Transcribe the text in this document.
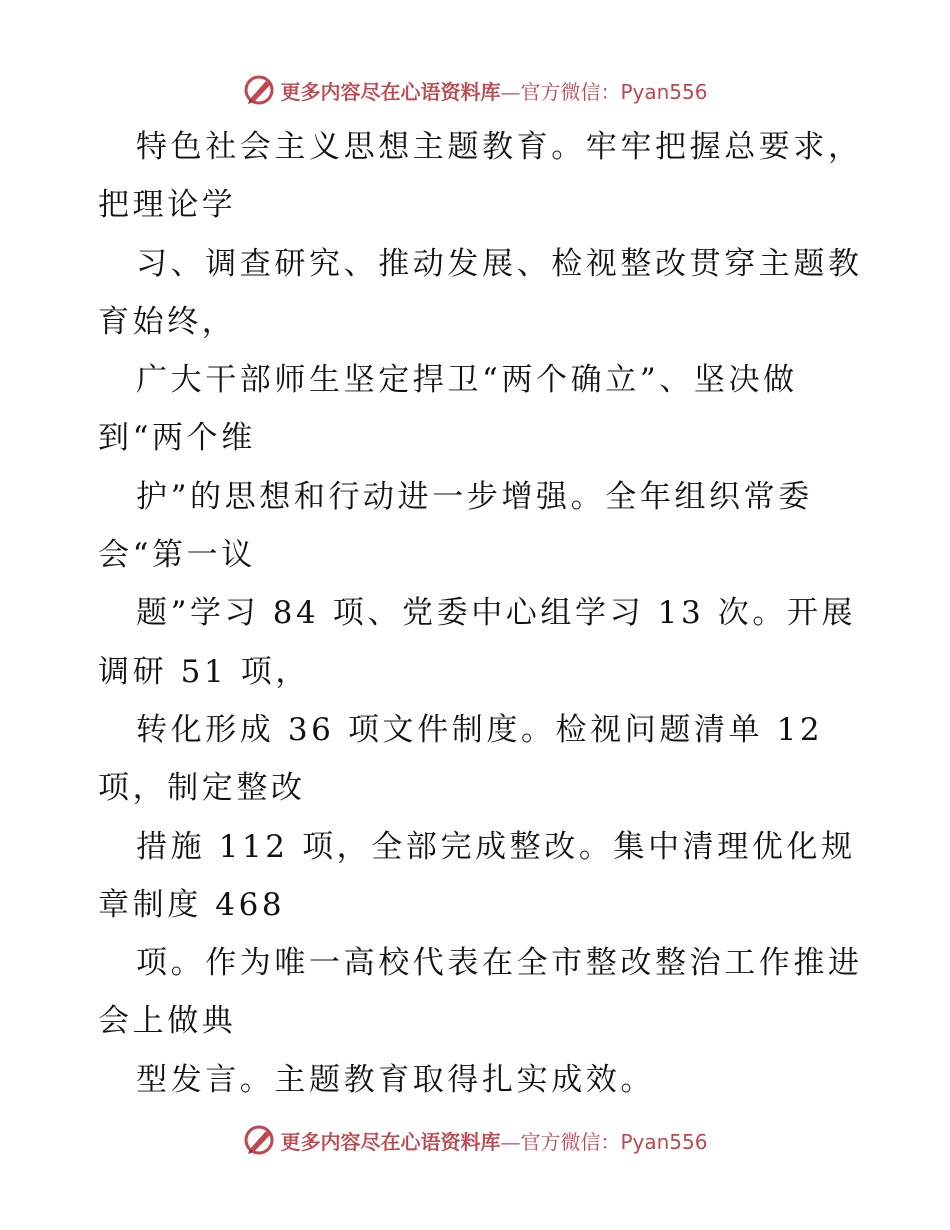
更多内容尽在心语资料库—官方微信：Pyan556
特色社会主义思想主题教育。牢牢把握总要求，
把理论学
习、调查研究、推动发展、检视整改贯穿主题教
育始终，
广大干部师生坚定捍卫“两个确立”、坚决做
到“两个维
护”的思想和行动进一步增强。全年组织常委
会“第一议
题”学习 84 项、党委中心组学习 13 次。开展
调研 51 项，
转化形成 36 项文件制度。检视问题清单 12
项，制定整改
措施 112 项，全部完成整改。集中清理优化规
章制度 468
项。作为唯一高校代表在全市整改整治工作推进
会上做典
型发言。主题教育取得扎实成效。
更多内容尽在心语资料库—官方微信：Pyan556
